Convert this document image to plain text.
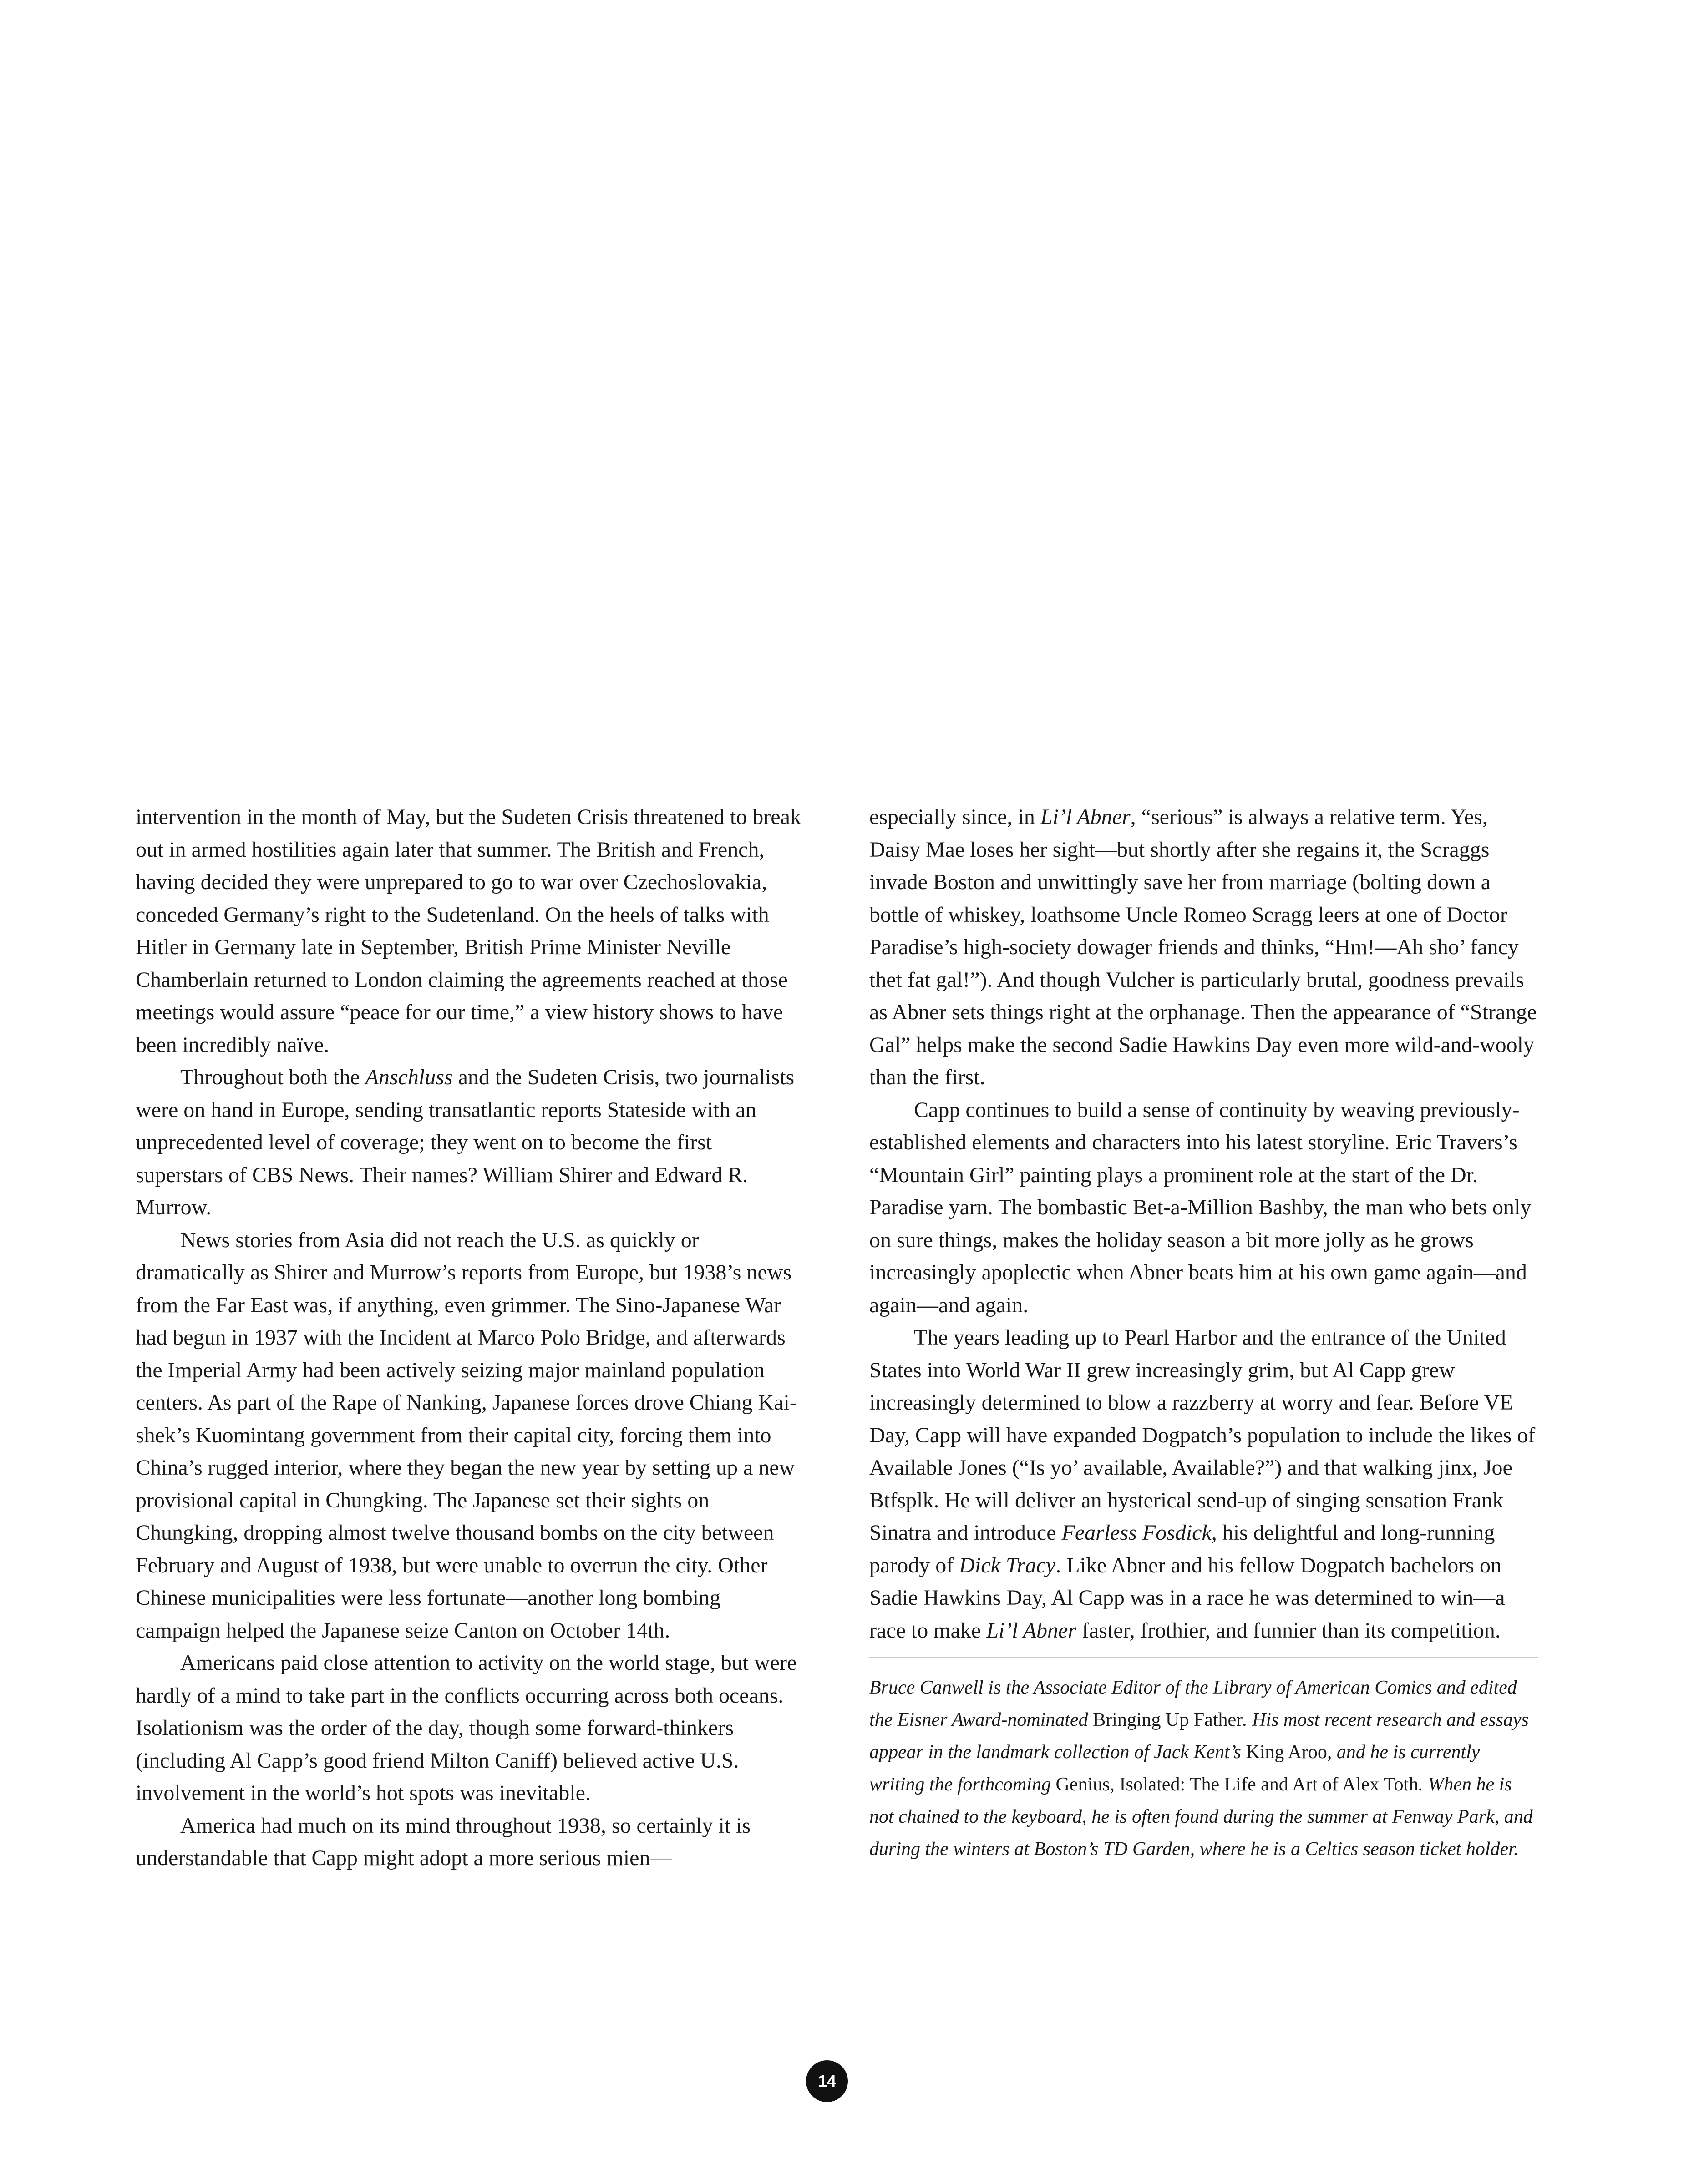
intervention in the month of May, but the Sudeten Crisis threatened to break out in armed hostilities again later that summer. The British and French, having decided they were unprepared to go to war over Czechoslovakia, conceded Germany’s right to the Sudetenland. On the heels of talks with Hitler in Germany late in September, British Prime Minister Neville Chamberlain returned to London claiming the agreements reached at those meetings would assure “peace for our time,” a view history shows to have been incredibly naïve.

Throughout both the Anschluss and the Sudeten Crisis, two journalists were on hand in Europe, sending transatlantic reports Stateside with an unprecedented level of coverage; they went on to become the first superstars of CBS News. Their names? William Shirer and Edward R. Murrow.

News stories from Asia did not reach the U.S. as quickly or dramatically as Shirer and Murrow’s reports from Europe, but 1938’s news from the Far East was, if anything, even grimmer. The Sino-Japanese War had begun in 1937 with the Incident at Marco Polo Bridge, and afterwards the Imperial Army had been actively seizing major mainland population centers. As part of the Rape of Nanking, Japanese forces drove Chiang Kai-shek’s Kuomintang government from their capital city, forcing them into China’s rugged interior, where they began the new year by setting up a new provisional capital in Chungking. The Japanese set their sights on Chungking, dropping almost twelve thousand bombs on the city between February and August of 1938, but were unable to overrun the city. Other Chinese municipalities were less fortunate—another long bombing campaign helped the Japanese seize Canton on October 14th.

Americans paid close attention to activity on the world stage, but were hardly of a mind to take part in the conflicts occurring across both oceans. Isolationism was the order of the day, though some forward-thinkers (including Al Capp’s good friend Milton Caniff) believed active U.S. involvement in the world’s hot spots was inevitable.

America had much on its mind throughout 1938, so certainly it is understandable that Capp might adopt a more serious mien—

especially since, in Li’l Abner, “serious” is always a relative term. Yes, Daisy Mae loses her sight—but shortly after she regains it, the Scraggs invade Boston and unwittingly save her from marriage (bolting down a bottle of whiskey, loathsome Uncle Romeo Scragg leers at one of Doctor Paradise’s high-society dowager friends and thinks, “Hm!—Ah sho’ fancy thet fat gal!”). And though Vulcher is particularly brutal, goodness prevails as Abner sets things right at the orphanage. Then the appearance of “Strange Gal” helps make the second Sadie Hawkins Day even more wild-and-wooly than the first.

Capp continues to build a sense of continuity by weaving previously-established elements and characters into his latest storyline. Eric Travers’s “Mountain Girl” painting plays a prominent role at the start of the Dr. Paradise yarn. The bombastic Bet-a-Million Bashby, the man who bets only on sure things, makes the holiday season a bit more jolly as he grows increasingly apoplectic when Abner beats him at his own game again—and again—and again.

The years leading up to Pearl Harbor and the entrance of the United States into World War II grew increasingly grim, but Al Capp grew increasingly determined to blow a razzberry at worry and fear. Before VE Day, Capp will have expanded Dogpatch’s population to include the likes of Available Jones (“Is yo’ available, Available?”) and that walking jinx, Joe Btfsplk. He will deliver an hysterical send-up of singing sensation Frank Sinatra and introduce Fearless Fosdick, his delightful and long-running parody of Dick Tracy. Like Abner and his fellow Dogpatch bachelors on Sadie Hawkins Day, Al Capp was in a race he was determined to win—a race to make Li’l Abner faster, frothier, and funnier than its competition.

Bruce Canwell is the Associate Editor of the Library of American Comics and edited the Eisner Award-nominated Bringing Up Father. His most recent research and essays appear in the landmark collection of Jack Kent’s King Aroo, and he is currently writing the forthcoming Genius, Isolated: The Life and Art of Alex Toth. When he is not chained to the keyboard, he is often found during the summer at Fenway Park, and during the winters at Boston’s TD Garden, where he is a Celtics season ticket holder.

14
